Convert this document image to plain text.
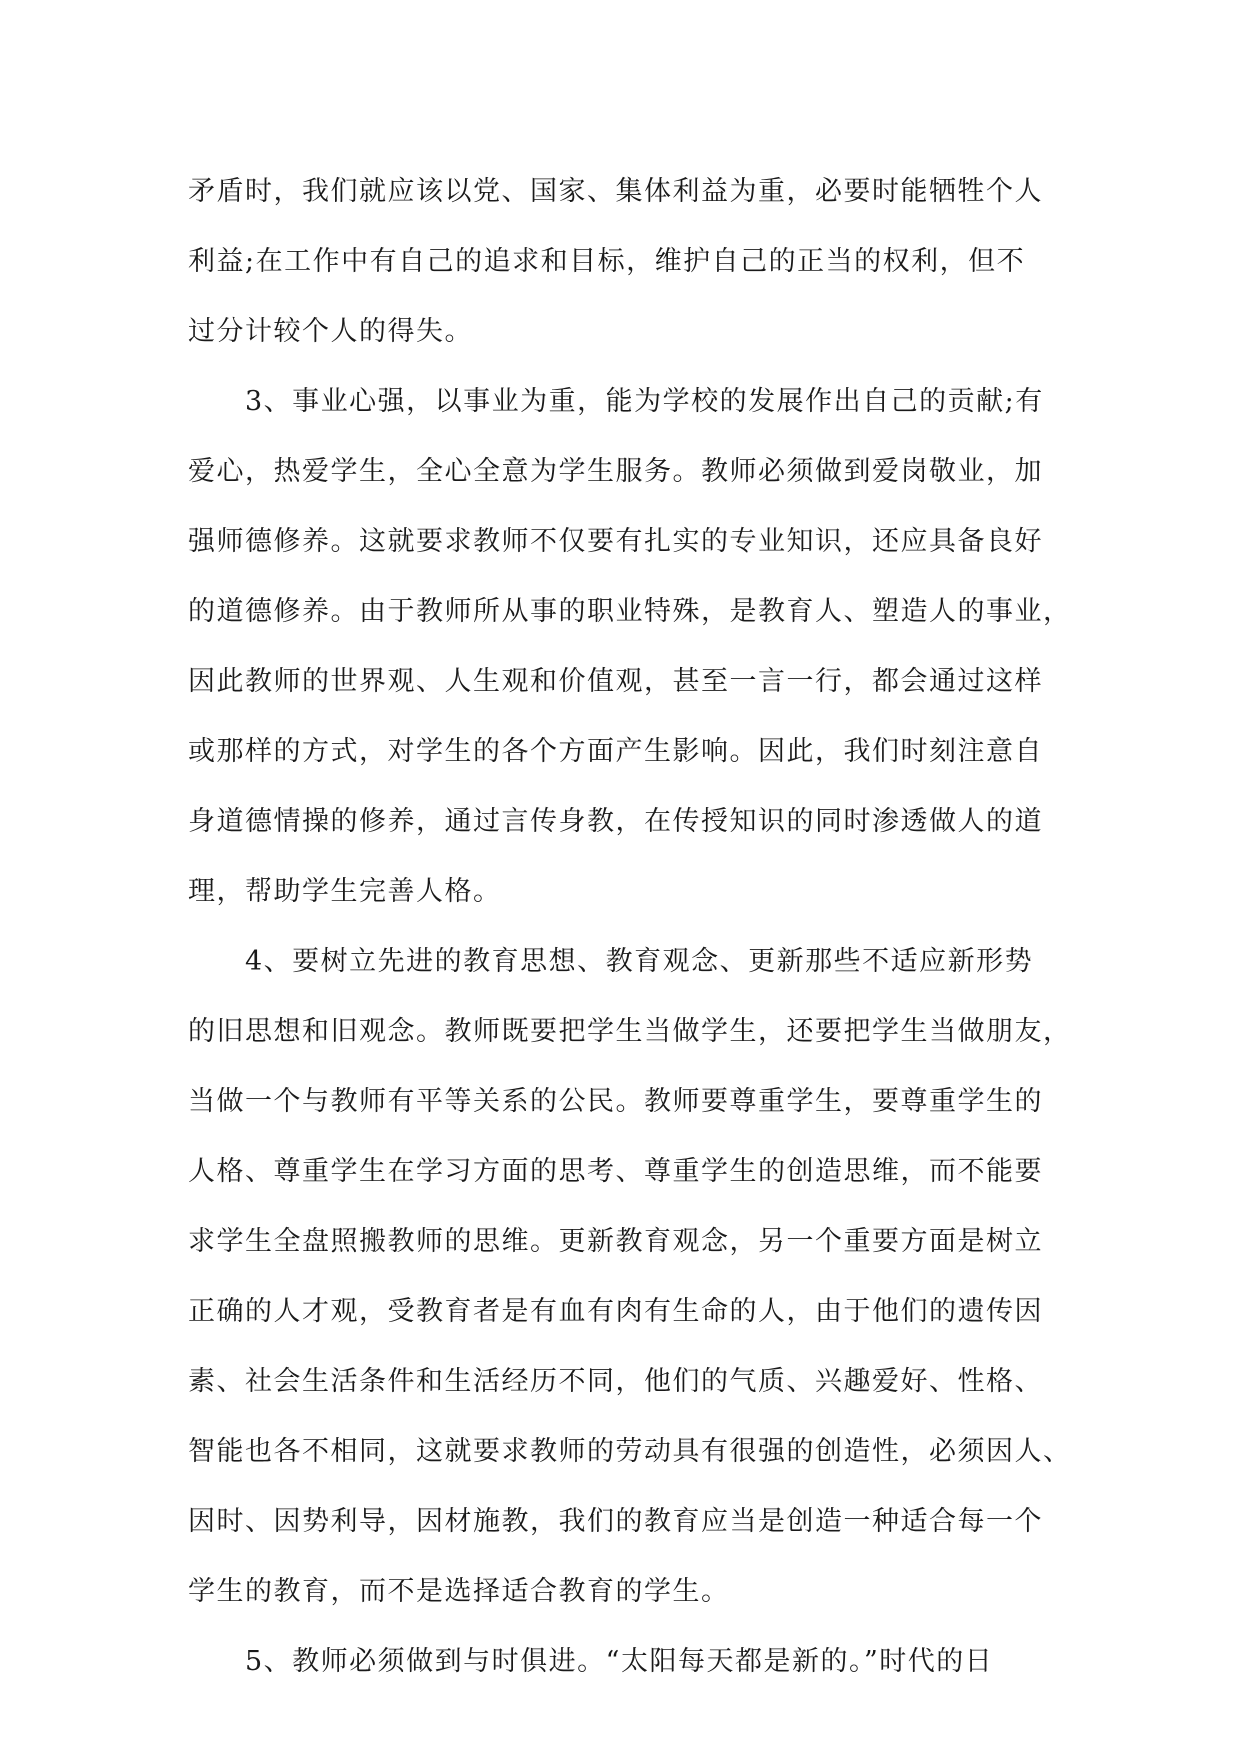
矛盾时，我们就应该以党、国家、集体利益为重，必要时能牺牲个人
利益;在工作中有自己的追求和目标，维护自己的正当的权利，但不
过分计较个人的得失。
　　3、事业心强，以事业为重，能为学校的发展作出自己的贡献;有
爱心，热爱学生，全心全意为学生服务。教师必须做到爱岗敬业，加
强师德修养。这就要求教师不仅要有扎实的专业知识，还应具备良好
的道德修养。由于教师所从事的职业特殊，是教育人、塑造人的事业，
因此教师的世界观、人生观和价值观，甚至一言一行，都会通过这样
或那样的方式，对学生的各个方面产生影响。因此，我们时刻注意自
身道德情操的修养，通过言传身教，在传授知识的同时渗透做人的道
理，帮助学生完善人格。
　　4、要树立先进的教育思想、教育观念、更新那些不适应新形势
的旧思想和旧观念。教师既要把学生当做学生，还要把学生当做朋友，
当做一个与教师有平等关系的公民。教师要尊重学生，要尊重学生的
人格、尊重学生在学习方面的思考、尊重学生的创造思维，而不能要
求学生全盘照搬教师的思维。更新教育观念，另一个重要方面是树立
正确的人才观，受教育者是有血有肉有生命的人，由于他们的遗传因
素、社会生活条件和生活经历不同，他们的气质、兴趣爱好、性格、
智能也各不相同，这就要求教师的劳动具有很强的创造性，必须因人、
因时、因势利导，因材施教，我们的教育应当是创造一种适合每一个
学生的教育，而不是选择适合教育的学生。
　　5、教师必须做到与时俱进。“太阳每天都是新的。”时代的日
